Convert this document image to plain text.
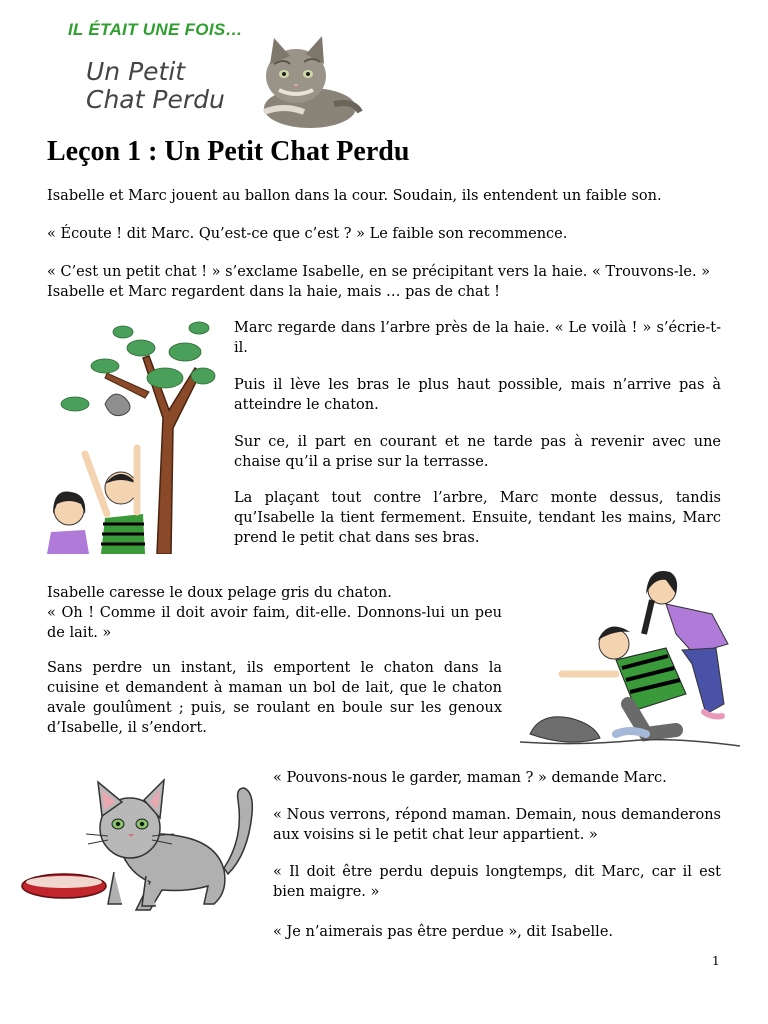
IL ÉTAIT UNE FOIS…
Un Petit
Chat Perdu
Leçon 1 : Un Petit Chat Perdu

Isabelle et Marc jouent au ballon dans la cour. Soudain, ils entendent un faible son.

« Écoute ! dit Marc. Qu’est-ce que c’est ? » Le faible son recommence.

« C’est un petit chat ! » s’exclame Isabelle, en se précipitant vers la haie. « Trouvons-le. » Isabelle et Marc regardent dans la haie, mais … pas de chat !

Marc regarde dans l’arbre près de la haie. « Le voilà ! » s’écrie-t-il.

Puis il lève les bras le plus haut possible, mais n’arrive pas à atteindre le chaton.

Sur ce, il part en courant et ne tarde pas à revenir avec une chaise qu’il a prise sur la terrasse.

La plaçant tout contre l’arbre, Marc monte dessus, tandis qu’Isabelle la tient fermement. Ensuite, tendant les mains, Marc prend le petit chat dans ses bras.

Isabelle caresse le doux pelage gris du chaton.
« Oh ! Comme il doit avoir faim, dit-elle. Donnons-lui un peu de lait. »

Sans perdre un instant, ils emportent le chaton dans la cuisine et demandent à maman un bol de lait, que le chaton avale goulûment ; puis, se roulant en boule sur les genoux d’Isabelle, il s’endort.

« Pouvons-nous le garder, maman ? » demande Marc.

« Nous verrons, répond maman. Demain, nous demanderons aux voisins si le petit chat leur appartient. »

« Il doit être perdu depuis longtemps, dit Marc, car il est bien maigre. »

« Je n’aimerais pas être perdue », dit Isabelle.

1
